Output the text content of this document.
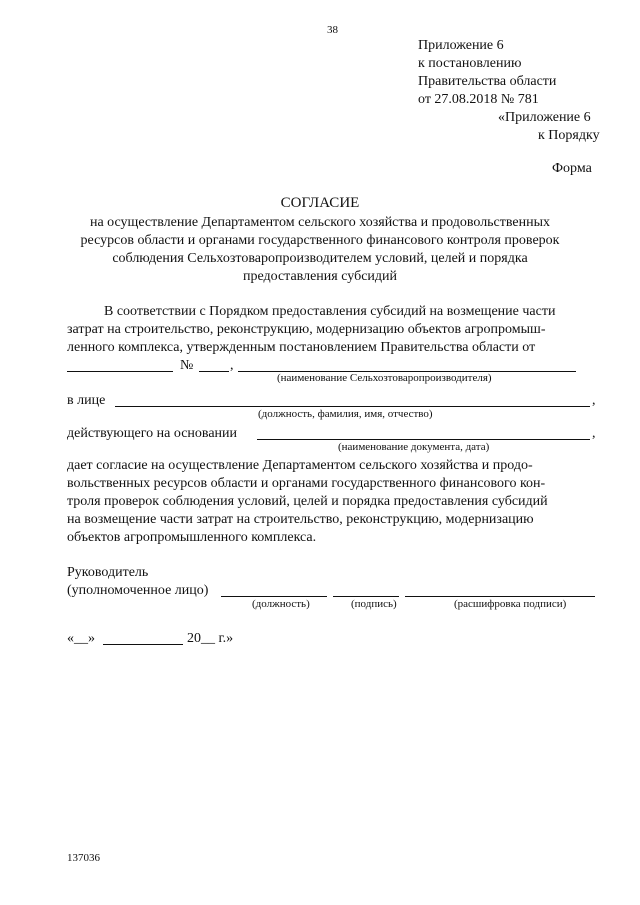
38
Приложение 6
к постановлению
Правительства области
от 27.08.2018 № 781
«Приложение 6
к Порядку
Форма
СОГЛАСИЕ
на осуществление Департаментом сельского хозяйства и продовольственных
ресурсов области и органами государственного финансового контроля проверок
соблюдения Сельхозтоваропроизводителем условий, целей и порядка
предоставления субсидий
В соответствии с Порядком предоставления субсидий на возмещение части
затрат на строительство, реконструкцию, модернизацию объектов агропромыш-
ленного комплекса, утвержденным постановлением Правительства области от
№	,
(наименование Сельхозтоваропроизводителя)
в лице	,
(должность, фамилия, имя, отчество)
действующего на основании	,
(наименование документа, дата)
дает согласие на осуществление Департаментом сельского хозяйства и продо-
вольственных ресурсов области и органами государственного финансового кон-
троля проверок соблюдения условий, целей и порядка предоставления субсидий
на возмещение части затрат на строительство, реконструкцию, модернизацию
объектов агропромышленного комплекса.
Руководитель
(уполномоченное лицо)
(должность)	(подпись)	(расшифровка подписи)
«__»	20__ г.»
137036
